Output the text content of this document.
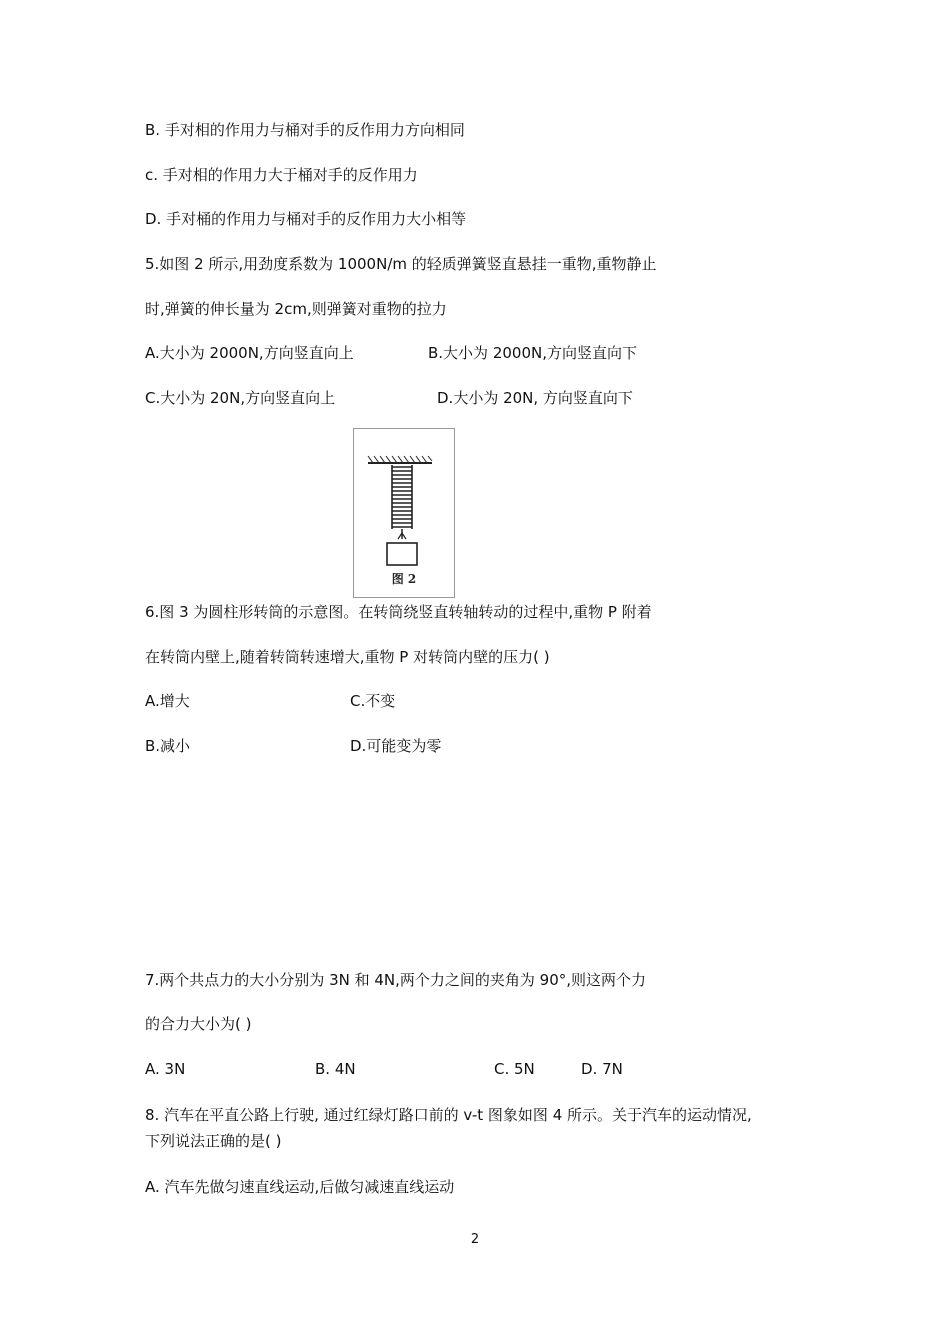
B. 手对相的作用力与桶对手的反作用力方向相同
c. 手对相的作用力大于桶对手的反作用力
D. 手对桶的作用力与桶对手的反作用力大小相等
5.如图 2 所示,用劲度系数为 1000N/m 的轻质弹簧竖直悬挂一重物,重物静止
时,弹簧的伸长量为 2cm,则弹簧对重物的拉力
A.大小为 2000N,方向竖直向上	B.大小为 2000N,方向竖直向下
C.大小为 20N,方向竖直向上	D.大小为 20N, 方向竖直向下
图 2
6.图 3 为圆柱形转筒的示意图。在转筒绕竖直转轴转动的过程中,重物 P 附着
在转筒内壁上,随着转筒转速增大,重物 P 对转筒内壁的压力( )
A.增大	C.不变
B.减小	D.可能变为零
7.两个共点力的大小分别为 3N 和 4N,两个力之间的夹角为 90°,则这两个力
的合力大小为( )
A. 3N	B. 4N	C. 5N	D. 7N
8. 汽车在平直公路上行驶, 通过红绿灯路口前的 v-t 图象如图 4 所示。关于汽车的运动情况,
下列说法正确的是( )
A. 汽车先做匀速直线运动,后做匀减速直线运动
2
